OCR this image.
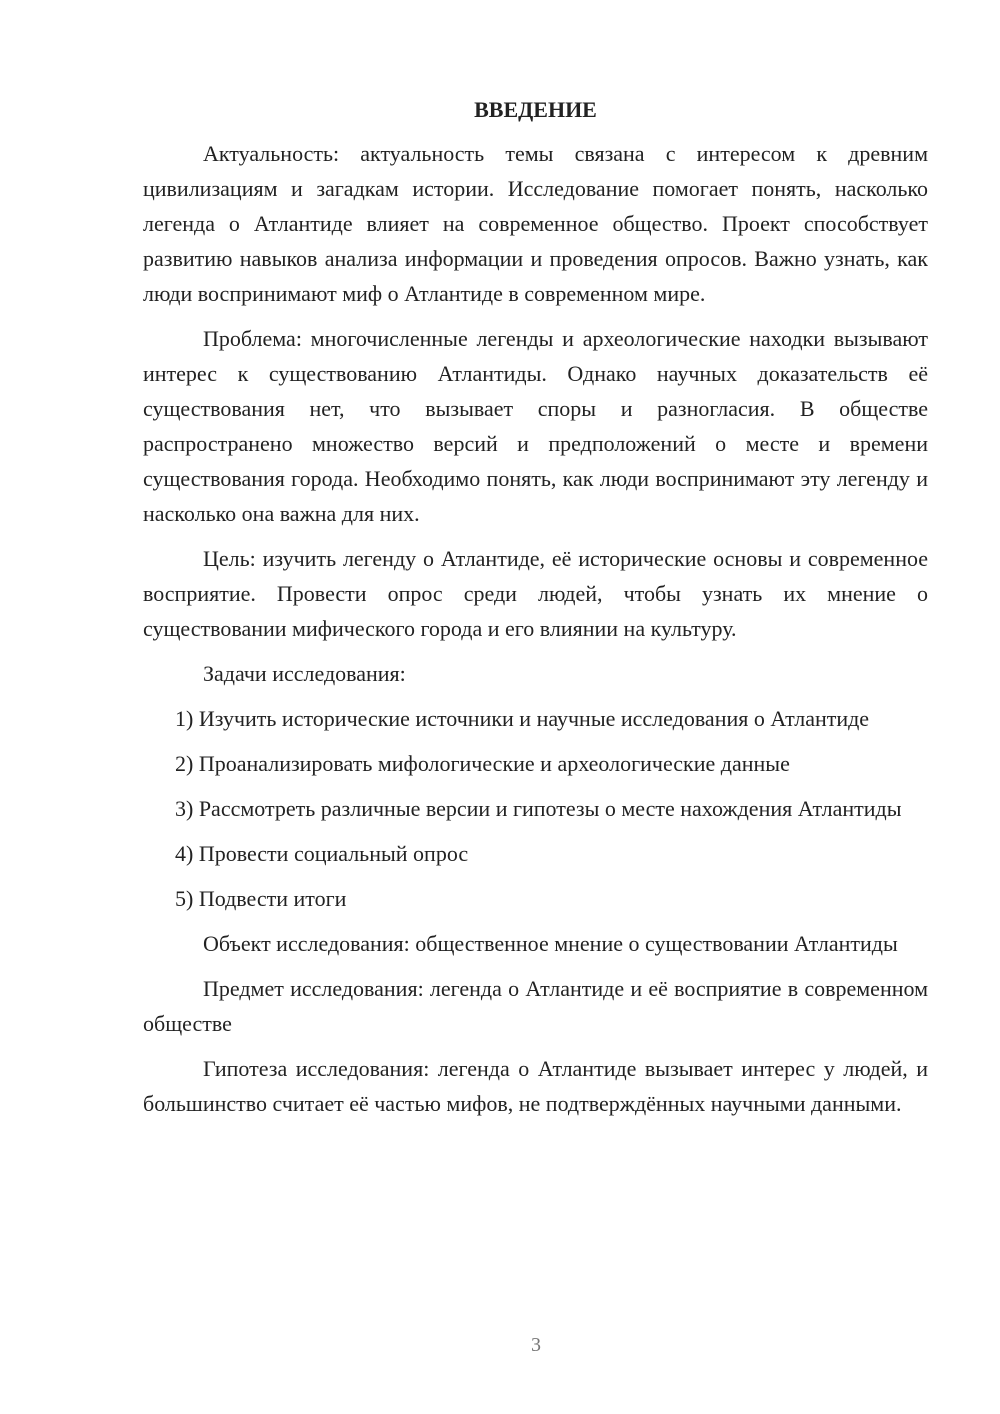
ВВЕДЕНИЕ

Актуальность: актуальность темы связана с интересом к древним цивилизациям и загадкам истории. Исследование помогает понять, насколько легенда о Атлантиде влияет на современное общество. Проект способствует развитию навыков анализа информации и проведения опросов. Важно узнать, как люди воспринимают миф о Атлантиде в современном мире.

Проблема: многочисленные легенды и археологические находки вызывают интерес к существованию Атлантиды. Однако научных доказательств её существования нет, что вызывает споры и разногласия. В обществе распространено множество версий и предположений о месте и времени существования города. Необходимо понять, как люди воспринимают эту легенду и насколько она важна для них.

Цель: изучить легенду о Атлантиде, её исторические основы и современное восприятие. Провести опрос среди людей, чтобы узнать их мнение о существовании мифического города и его влиянии на культуру.

Задачи исследования:

1) Изучить исторические источники и научные исследования о Атлантиде

2) Проанализировать мифологические и археологические данные

3) Рассмотреть различные версии и гипотезы о месте нахождения Атлантиды

4) Провести социальный опрос

5) Подвести итоги

Объект исследования: общественное мнение о существовании Атлантиды

Предмет исследования: легенда о Атлантиде и её восприятие в современном обществе

Гипотеза исследования: легенда о Атлантиде вызывает интерес у людей, и большинство считает её частью мифов, не подтверждённых научными данными.

3
